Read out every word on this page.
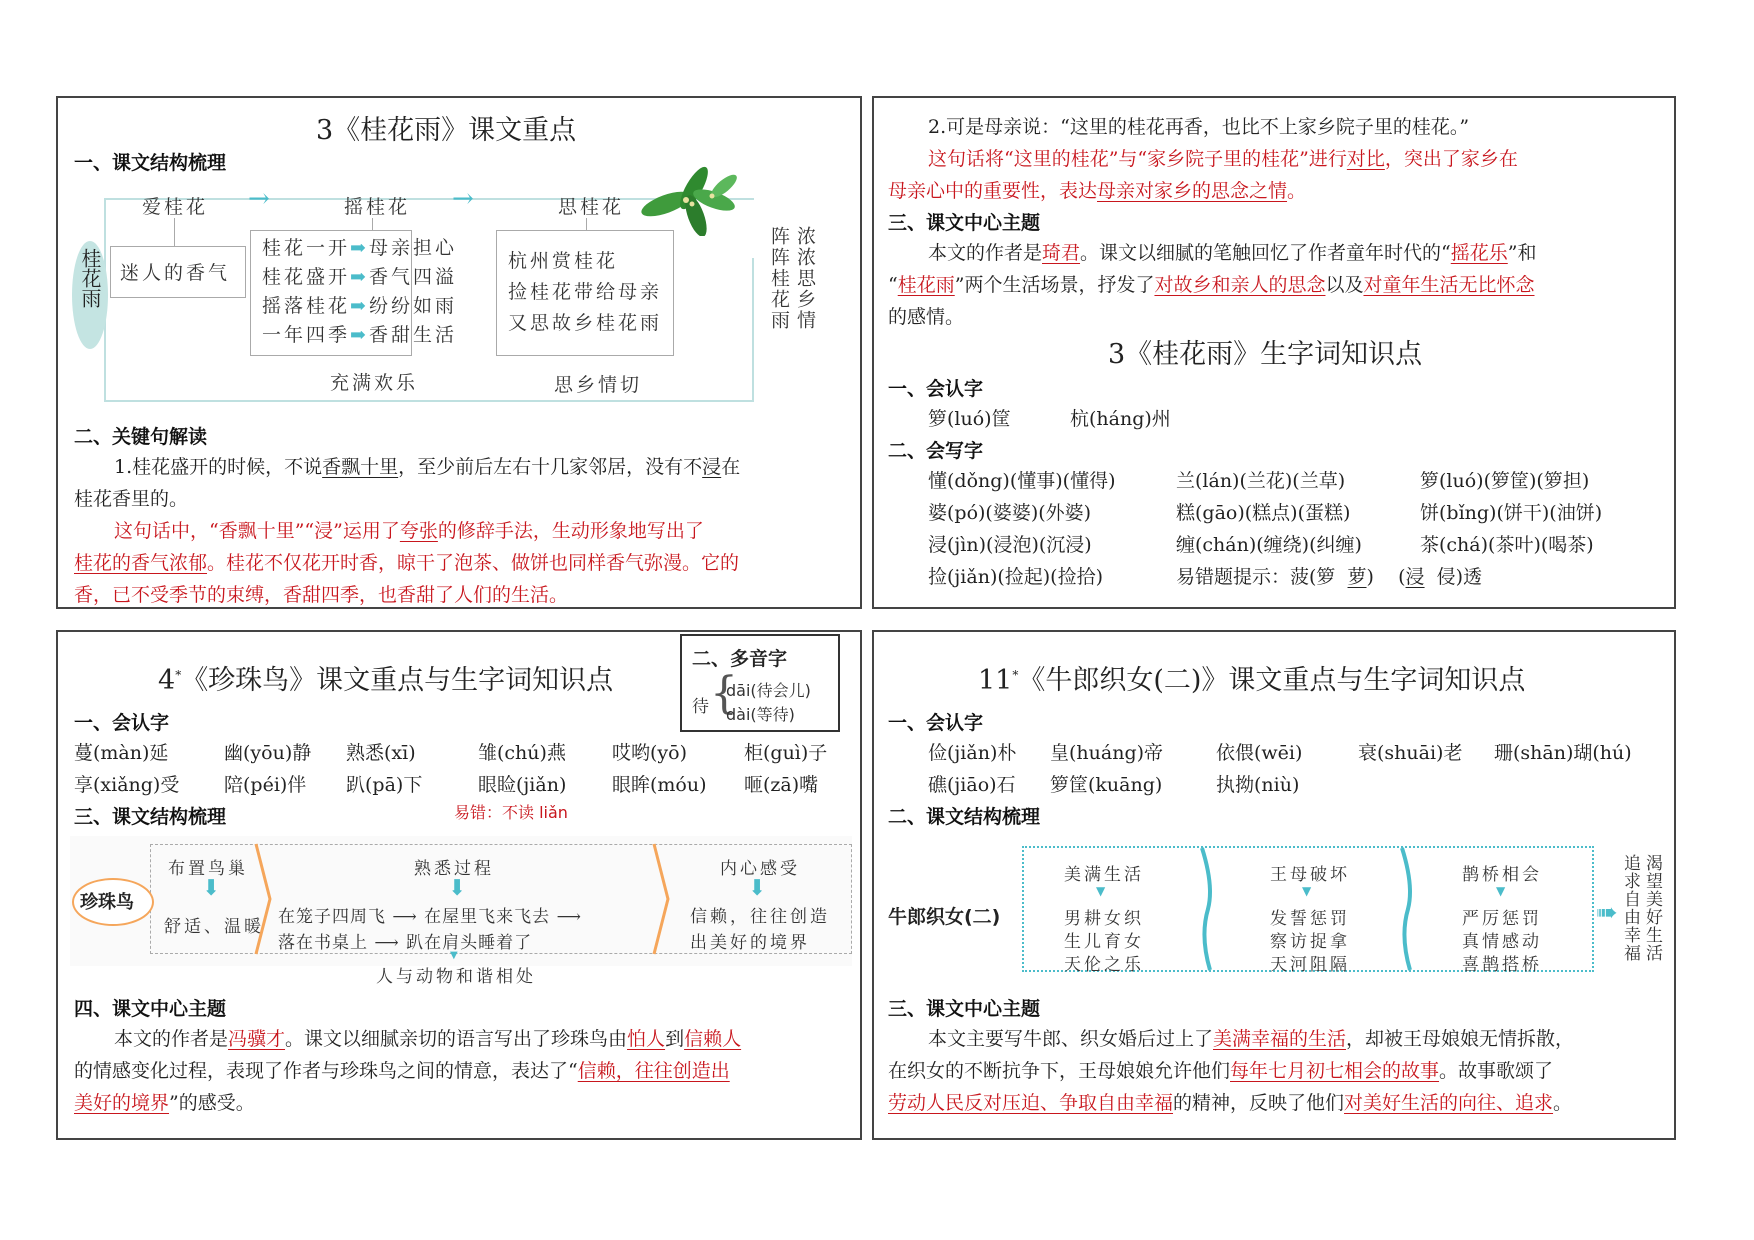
3《桂花雨》课文重点
一、课文结构梳理
桂花雨
爱桂花
迷人的香气
→	摇桂花
桂花一开➡母亲担心
桂花盛开➡香气四溢
摇落桂花➡纷纷如雨
一年四季➡香甜生活
充满欢乐
→	思桂花
杭州赏桂花
捡桂花带给母亲
又思故乡桂花雨
思乡情切
浓浓思乡情
阵阵桂花雨
二、关键句解读
1.桂花盛开的时候，不说香飘十里，至少前后左右十几家邻居，没有不浸在
桂花香里的。
这句话中，“香飘十里”“浸”运用了夸张的修辞手法，生动形象地写出了
桂花的香气浓郁。桂花不仅花开时香，晾干了泡茶、做饼也同样香气弥漫。它的
香，已不受季节的束缚，香甜四季，也香甜了人们的生活。
2.可是母亲说：“这里的桂花再香，也比不上家乡院子里的桂花。”
这句话将“这里的桂花”与“家乡院子里的桂花”进行对比，突出了家乡在
母亲心中的重要性，表达母亲对家乡的思念之情。
三、课文中心主题
本文的作者是琦君。课文以细腻的笔触回忆了作者童年时代的“摇花乐”和
“桂花雨”两个生活场景，抒发了对故乡和亲人的思念以及对童年生活无比怀念
的感情。
3《桂花雨》生字词知识点
一、会认字
箩(luó)筐	杭(háng)州
二、会写字
懂(dǒng)(懂事)(懂得)	兰(lán)(兰花)(兰草)	箩(luó)(箩筐)(箩担)
婆(pó)(婆婆)(外婆)	糕(gāo)(糕点)(蛋糕)	饼(bǐng)(饼干)(油饼)
浸(jìn)(浸泡)(沉浸)	缠(chán)(缠绕)(纠缠)	茶(chá)(茶叶)(喝茶)
捡(jiǎn)(捡起)(捡拾)	易错题提示：菠(箩 萝) (浸 侵)透
4*《珍珠鸟》课文重点与生字词知识点
二、多音字
待 {
dāi(待会儿)
dài(等待)
一、会认字
蔓(màn)延	幽(yōu)静 熟悉(xī)	雏(chú)燕 哎哟(yō)	柜(guì)子
享(xiǎng)受 陪(péi)伴 趴(pā)下	眼睑(jiǎn) 眼眸(móu) 咂(zā)嘴
三、课文结构梳理	易错：不读 liǎn
珍珠鸟
布置鸟巢
⬇
舒适、温暖
熟悉过程
⬇
在笼子四周飞 ⟶ 在屋里飞来飞去 ⟶
落在书桌上 ⟶ 趴在肩头睡着了
内心感受
⬇
信赖，往往创造
出美好的境界
▼
人与动物和谐相处
四、课文中心主题
本文的作者是冯骥才。课文以细腻亲切的语言写出了珍珠鸟由怕人到信赖人
的情感变化过程，表现了作者与珍珠鸟之间的情意，表达了“信赖，往往创造出
美好的境界”的感受。
11*《牛郎织女(二)》课文重点与生字词知识点
一、会认字
俭(jiǎn)朴 皇(huáng)帝	依偎(wēi)	衰(shuāi)老 珊(shān)瑚(hú)
礁(jiāo)石 箩筐(kuāng)	执拗(niù)
二、课文结构梳理
牛郎织女(二)
美满生活
▼
男耕女织
生儿育女
天伦之乐
王母破坏
▼
发誓惩罚
察访捉拿
天河阻隔
鹊桥相会
▼
严厉惩罚
真情感动
喜鹊搭桥
➠ 渴望美好生活
追求自由幸福
三、课文中心主题
本文主要写牛郎、织女婚后过上了美满幸福的生活，却被王母娘娘无情拆散，
在织女的不断抗争下，王母娘娘允许他们每年七月初七相会的故事。故事歌颂了
劳动人民反对压迫、争取自由幸福的精神，反映了他们对美好生活的向往、追求。
